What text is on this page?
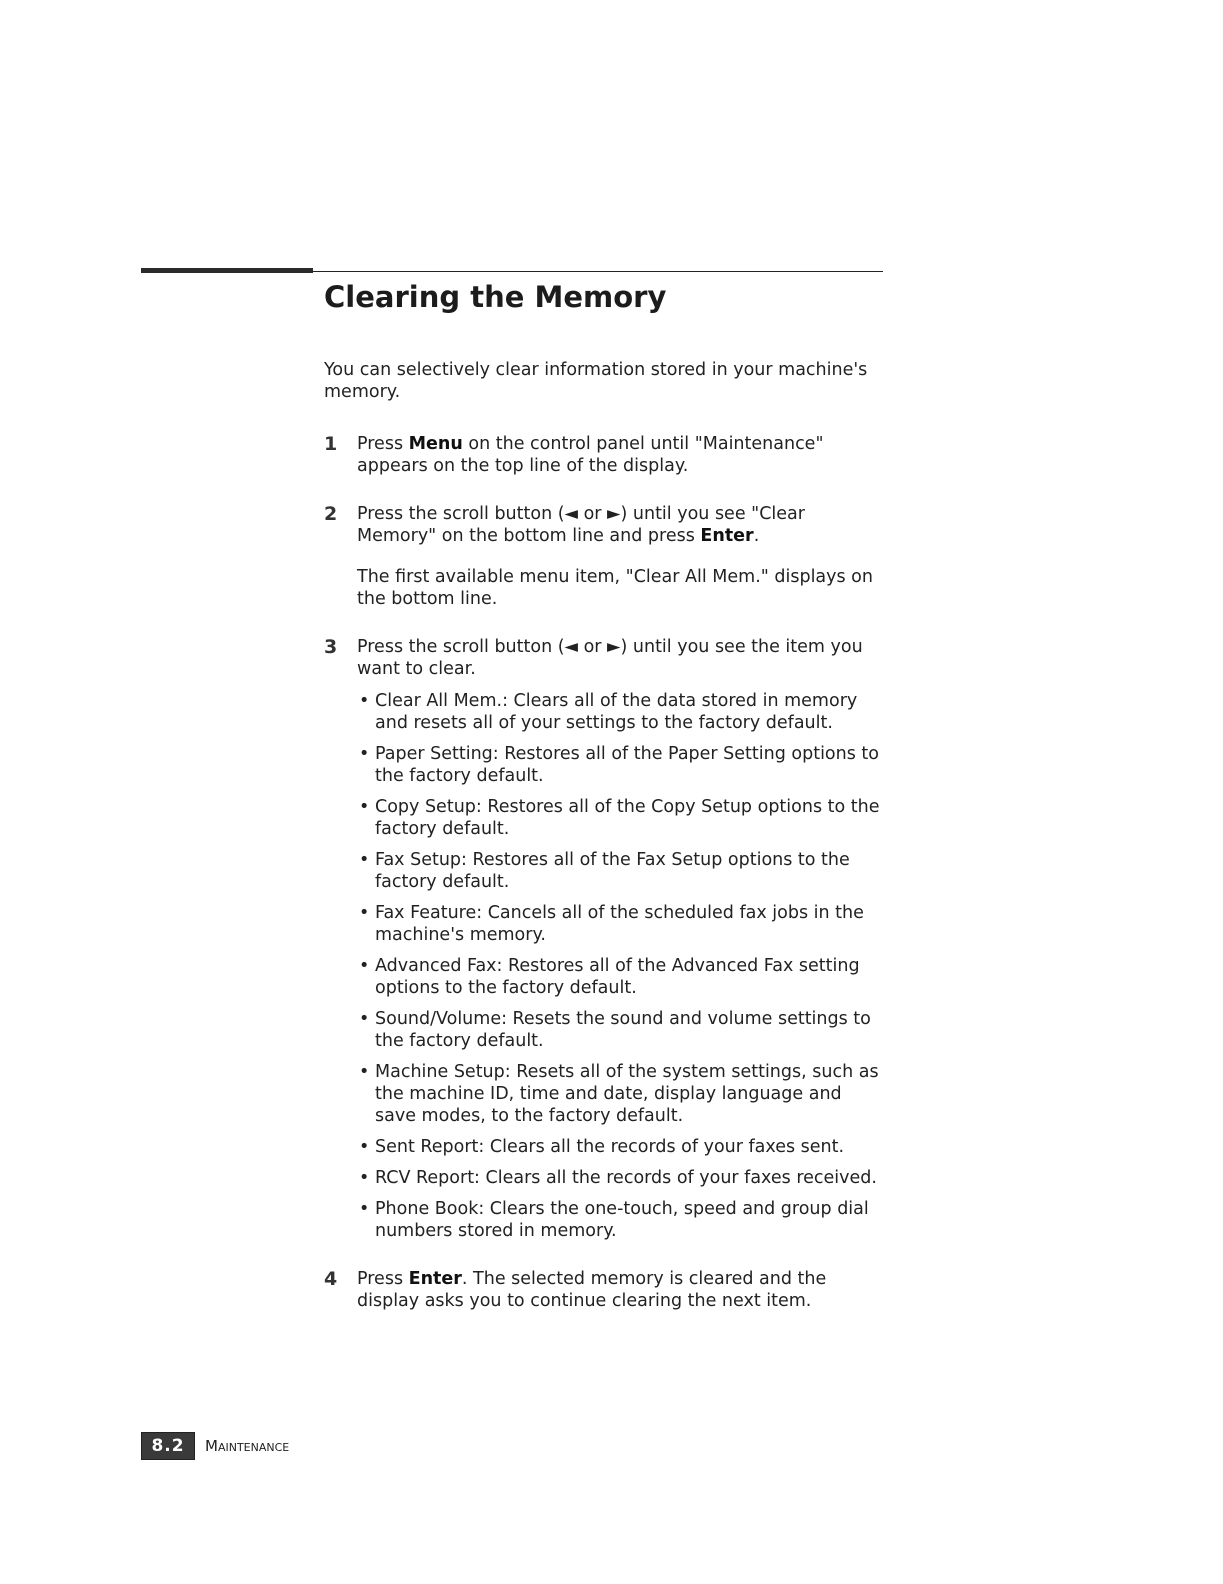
Clearing the Memory

You can selectively clear information stored in your machine's memory.

1 Press Menu on the control panel until "Maintenance" appears on the top line of the display.

2 Press the scroll button (◄ or ►) until you see "Clear Memory" on the bottom line and press Enter.

The first available menu item, "Clear All Mem." displays on the bottom line.

3 Press the scroll button (◄ or ►) until you see the item you want to clear.

• Clear All Mem.: Clears all of the data stored in memory and resets all of your settings to the factory default.
• Paper Setting: Restores all of the Paper Setting options to the factory default.
• Copy Setup: Restores all of the Copy Setup options to the factory default.
• Fax Setup: Restores all of the Fax Setup options to the factory default.
• Fax Feature: Cancels all of the scheduled fax jobs in the machine's memory.
• Advanced Fax: Restores all of the Advanced Fax setting options to the factory default.
• Sound/Volume: Resets the sound and volume settings to the factory default.
• Machine Setup: Resets all of the system settings, such as the machine ID, time and date, display language and save modes, to the factory default.
• Sent Report: Clears all the records of your faxes sent.
• RCV Report: Clears all the records of your faxes received.
• Phone Book: Clears the one-touch, speed and group dial numbers stored in memory.
4 Press Enter. The selected memory is cleared and the display asks you to continue clearing the next item.

8.2	Maintenance
